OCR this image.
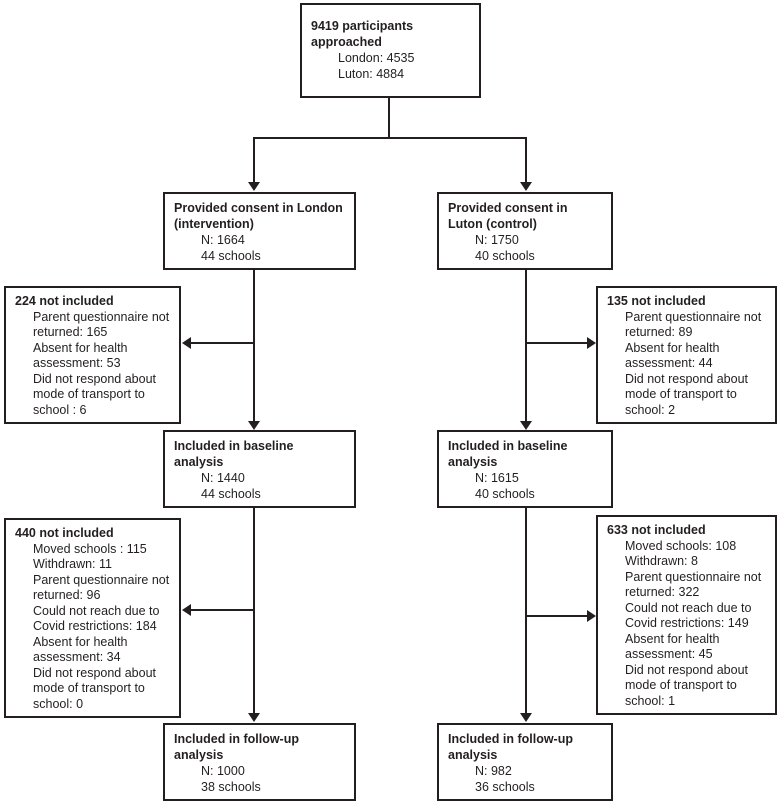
9419 participants approached
London: 4535
Luton: 4884
Provided consent in London (intervention)
N: 1664
44 schools
Provided consent in Luton (control)
N: 1750
40 schools
224 not included
Parent questionnaire not returned: 165
Absent for health assessment: 53
Did not respond about mode of transport to school : 6
135 not included
Parent questionnaire not returned: 89
Absent for health assessment: 44
Did not respond about mode of transport to school: 2
Included in baseline analysis
N: 1440
44 schools
Included in baseline analysis
N: 1615
40 schools
440 not included
Moved schools : 115
Withdrawn: 11
Parent questionnaire not returned: 96
Could not reach due to Covid restrictions: 184
Absent for health assessment: 34
Did not respond about mode of transport to school: 0
633 not included
Moved schools: 108
Withdrawn: 8
Parent questionnaire not returned: 322
Could not reach due to Covid restrictions: 149
Absent for health assessment: 45
Did not respond about mode of transport to school: 1
Included in follow-up analysis
N: 1000
38 schools
Included in follow-up analysis
N: 982
36 schools
